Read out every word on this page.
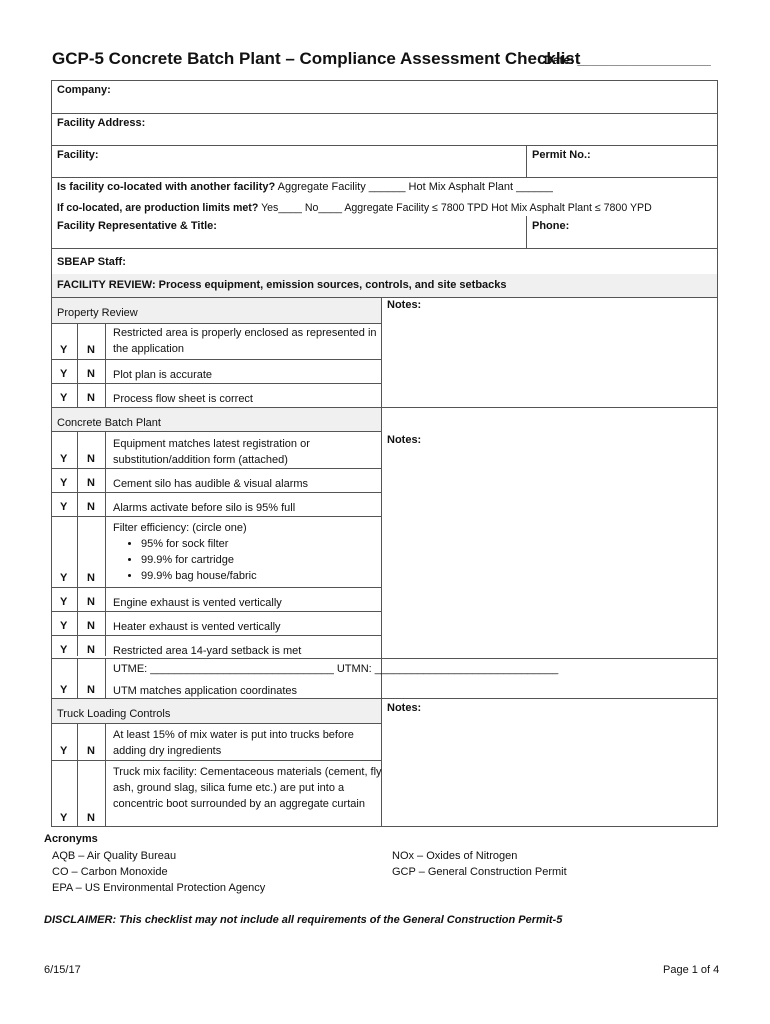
GCP-5 Concrete Batch Plant – Compliance Assessment Checklist
Date: ____________________
Company:
Facility Address:
Facility:	Permit No.:
Is facility co-located with another facility? Aggregate Facility ______ Hot Mix Asphalt Plant ______
If co-located, are production limits met? Yes____ No____ Aggregate Facility ≤ 7800 TPD Hot Mix Asphalt Plant ≤ 7800 YPD
Facility Representative & Title:	Phone:
SBEAP Staff:
FACILITY REVIEW: Process equipment, emission sources, controls, and site setbacks
Property Review
Notes:
Y N
Restricted area is properly enclosed as represented in the application
Y N Plot plan is accurate
Y N Process flow sheet is correct
Concrete Batch Plant
Notes:
Y N
Equipment matches latest registration or substitution/addition form (attached)
Y N Cement silo has audible & visual alarms
Y N Alarms activate before silo is 95% full
Y N
Filter efficiency: (circle one)
• 95% for sock filter
• 99.9% for cartridge
• 99.9% bag house/fabric
Y N Engine exhaust is vented vertically
Y N Heater exhaust is vented vertically
Y N Restricted area 14-yard setback is met
UTME: ______________________________ UTMN: ______________________________
Y N UTM matches application coordinates
Truck Loading Controls	Notes:
Y N
At least 15% of mix water is put into trucks before adding dry ingredients
Y N
Truck mix facility: Cementaceous materials (cement, fly ash, ground slag, silica fume etc.) are put into a concentric boot surrounded by an aggregate curtain
Acronyms
AQB – Air Quality Bureau
CO – Carbon Monoxide
EPA – US Environmental Protection Agency
NOx – Oxides of Nitrogen
GCP – General Construction Permit
DISCLAIMER: This checklist may not include all requirements of the General Construction Permit-5
6/15/17	Page 1 of 4
